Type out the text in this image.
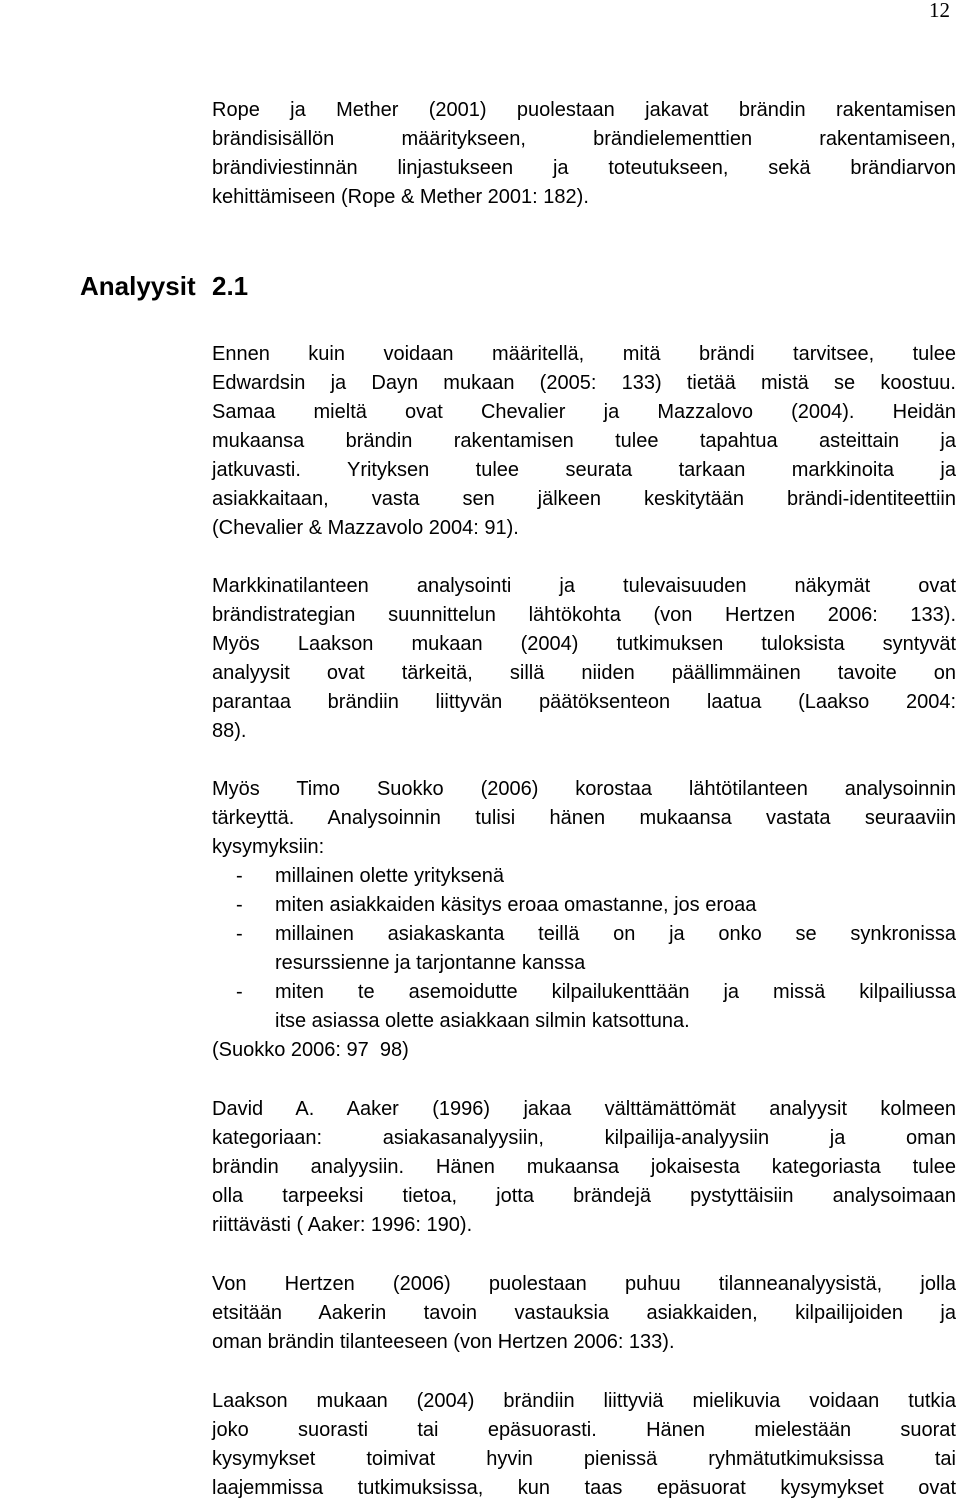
12
Rope ja Mether (2001) puolestaan jakavat brändin rakentamisen
brändisisällön määritykseen, brändielementtien rakentamiseen,
brändiviestinnän linjastukseen ja toteutukseen, sekä brändiarvon
kehittämiseen (Rope & Mether 2001: 182).
2.1
Analyysit
Ennen kuin voidaan määritellä, mitä brändi tarvitsee, tulee
Edwardsin ja Dayn mukaan (2005: 133) tietää mistä se koostuu.
Samaa mieltä ovat Chevalier ja Mazzalovo (2004). Heidän
mukaansa brändin rakentamisen tulee tapahtua asteittain ja
jatkuvasti. Yrityksen tulee seurata tarkaan markkinoita ja
asiakkaitaan, vasta sen jälkeen keskitytään brändi-identiteettiin
(Chevalier & Mazzavolo 2004: 91).
Markkinatilanteen analysointi ja tulevaisuuden näkymät ovat
brändistrategian suunnittelun lähtökohta (von Hertzen 2006: 133).
Myös Laakson mukaan (2004) tutkimuksen tuloksista syntyvät
analyysit ovat tärkeitä, sillä niiden päällimmäinen tavoite on
parantaa brändiin liittyvän päätöksenteon laatua (Laakso 2004:
88).
Myös Timo Suokko (2006) korostaa lähtötilanteen analysoinnin
tärkeyttä. Analysoinnin tulisi hänen mukaansa vastata seuraaviin
kysymyksiin:
- millainen olette yrityksenä
- miten asiakkaiden käsitys eroaa omastanne, jos eroaa
- millainen asiakaskanta teillä on ja onko se synkronissa
resurssienne ja tarjontanne kanssa
- miten te asemoidutte kilpailukenttään ja missä kilpailiussa
itse asiassa olette asiakkaan silmin katsottuna.
(Suokko 2006: 97  98)
David A. Aaker (1996) jakaa välttämättömät analyysit kolmeen
kategoriaan: asiakasanalyysiin, kilpailija-analyysiin ja oman
brändin analyysiin. Hänen mukaansa jokaisesta kategoriasta tulee
olla tarpeeksi tietoa, jotta brändejä pystyttäisiin analysoimaan
riittävästi ( Aaker: 1996: 190).
Von Hertzen (2006) puolestaan puhuu tilanneanalyysistä, jolla
etsitään Aakerin tavoin vastauksia asiakkaiden, kilpailijoiden ja
oman brändin tilanteeseen (von Hertzen 2006: 133).
Laakson mukaan (2004) brändiin liittyviä mielikuvia voidaan tutkia
joko suorasti tai epäsuorasti. Hänen mielestään suorat
kysymykset toimivat hyvin pienissä ryhmätutkimuksissa tai
laajemmissa tutkimuksissa, kun taas epäsuorat kysymykset ovat
